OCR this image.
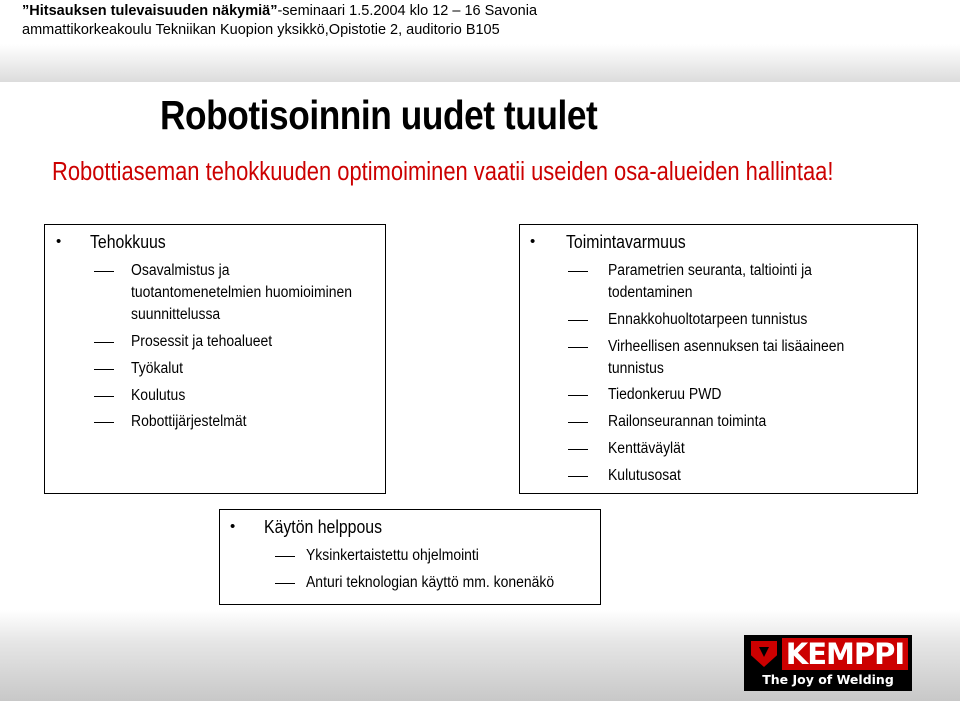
”Hitsauksen tulevaisuuden näkymiä”-seminaari 1.5.2004 klo 12 – 16 Savonia
ammattikorkeakoulu Tekniikan Kuopion yksikkö,Opistotie 2, auditorio B105
Robotisoinnin uudet tuulet
Robottiaseman tehokkuuden optimoiminen vaatii useiden osa-alueiden hallintaa!
• Tehokkuus
Osavalmistus ja
tuotantomenetelmien huomioiminen
suunnittelussa
Prosessit ja tehoalueet
Työkalut
Koulutus
Robottijärjestelmät
• Toimintavarmuus
Parametrien seuranta, taltiointi ja
todentaminen
Ennakkohuoltotarpeen tunnistus
Virheellisen asennuksen tai lisäaineen
tunnistus
Tiedonkeruu PWD
Railonseurannan toiminta
Kenttäväylät
Kulutusosat
• Käytön helppous
Yksinkertaistettu ohjelmointi
Anturi teknologian käyttö mm. konenäkö
KEMPPI
The Joy of Welding
